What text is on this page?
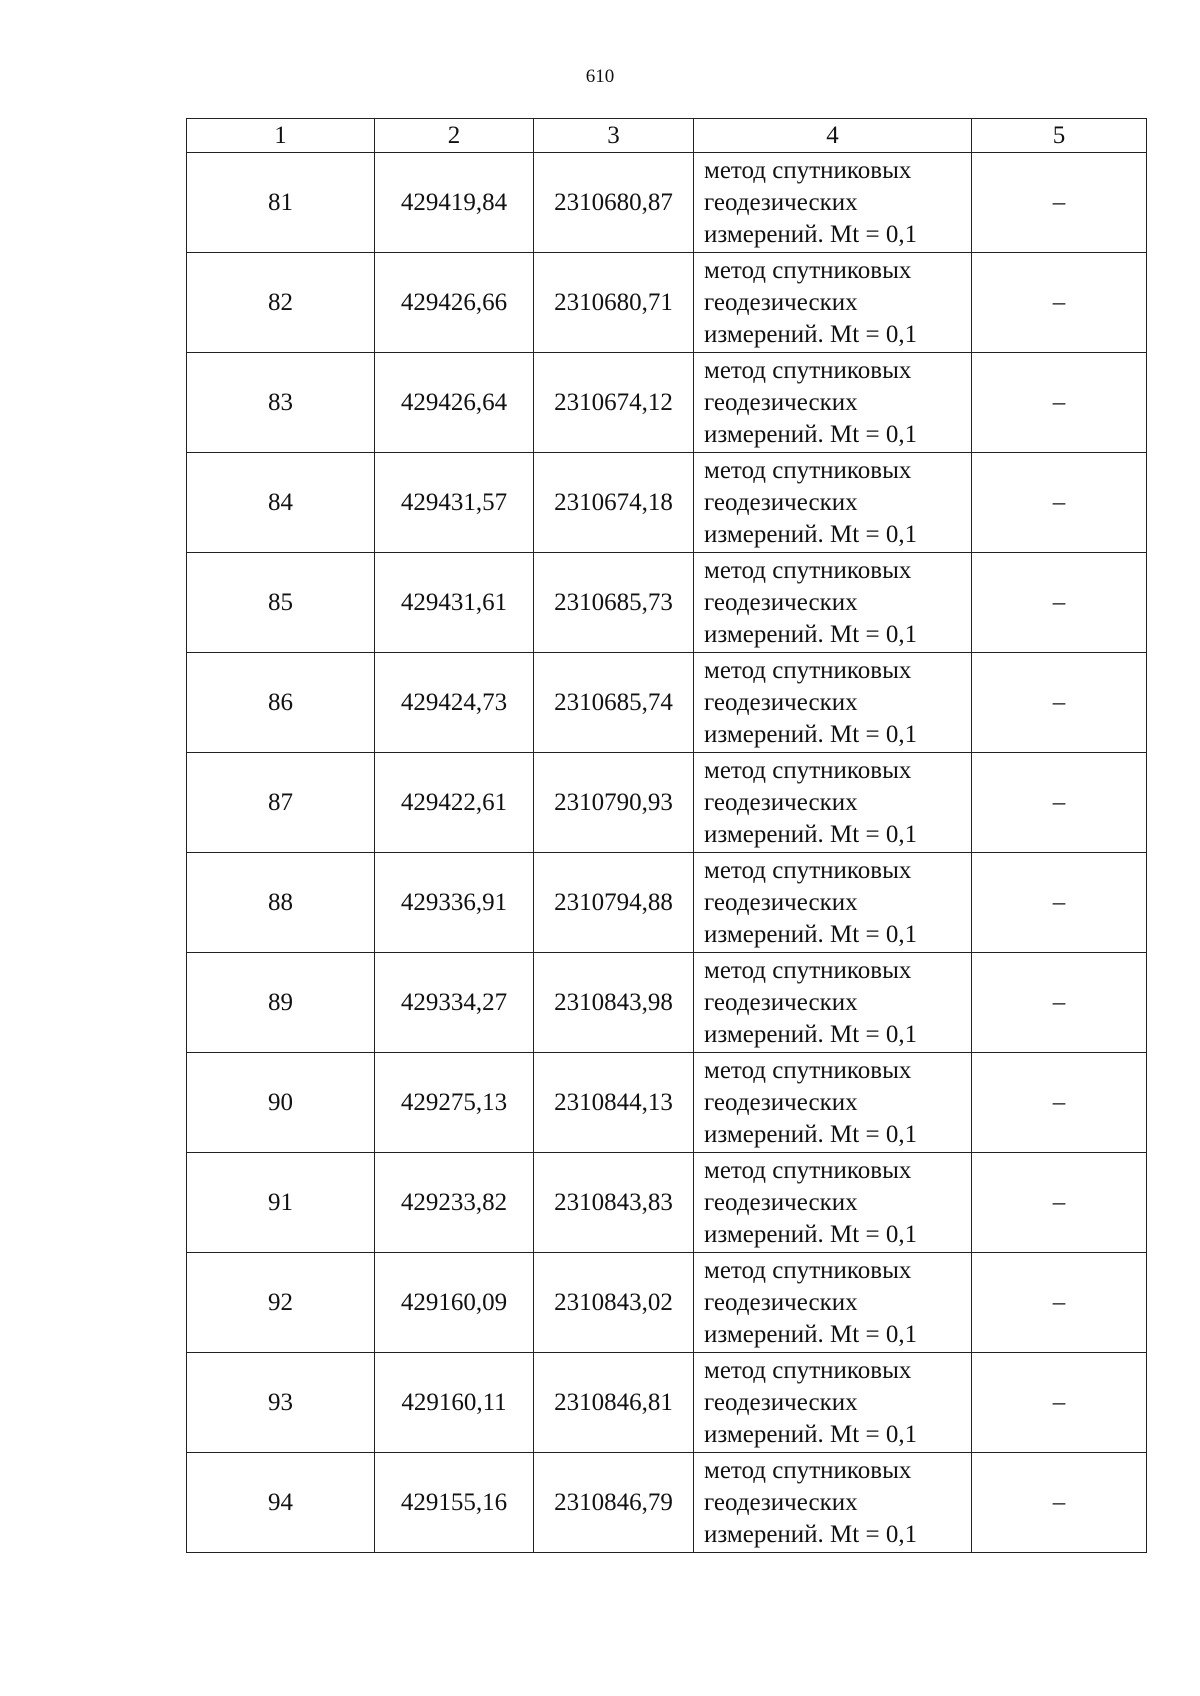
610
1	2	3	4	5
81	429419,84	2310680,87	метод спутниковых
геодезических
измерений. Mt = 0,1	–
82	429426,66	2310680,71	метод спутниковых
геодезических
измерений. Mt = 0,1	–
83	429426,64	2310674,12	метод спутниковых
геодезических
измерений. Mt = 0,1	–
84	429431,57	2310674,18	метод спутниковых
геодезических
измерений. Mt = 0,1	–
85	429431,61	2310685,73	метод спутниковых
геодезических
измерений. Mt = 0,1	–
86	429424,73	2310685,74	метод спутниковых
геодезических
измерений. Mt = 0,1	–
87	429422,61	2310790,93	метод спутниковых
геодезических
измерений. Mt = 0,1	–
88	429336,91	2310794,88	метод спутниковых
геодезических
измерений. Mt = 0,1	–
89	429334,27	2310843,98	метод спутниковых
геодезических
измерений. Mt = 0,1	–
90	429275,13	2310844,13	метод спутниковых
геодезических
измерений. Mt = 0,1	–
91	429233,82	2310843,83	метод спутниковых
геодезических
измерений. Mt = 0,1	–
92	429160,09	2310843,02	метод спутниковых
геодезических
измерений. Mt = 0,1	–
93	429160,11	2310846,81	метод спутниковых
геодезических
измерений. Mt = 0,1	–
94	429155,16	2310846,79	метод спутниковых
геодезических
измерений. Mt = 0,1	–
